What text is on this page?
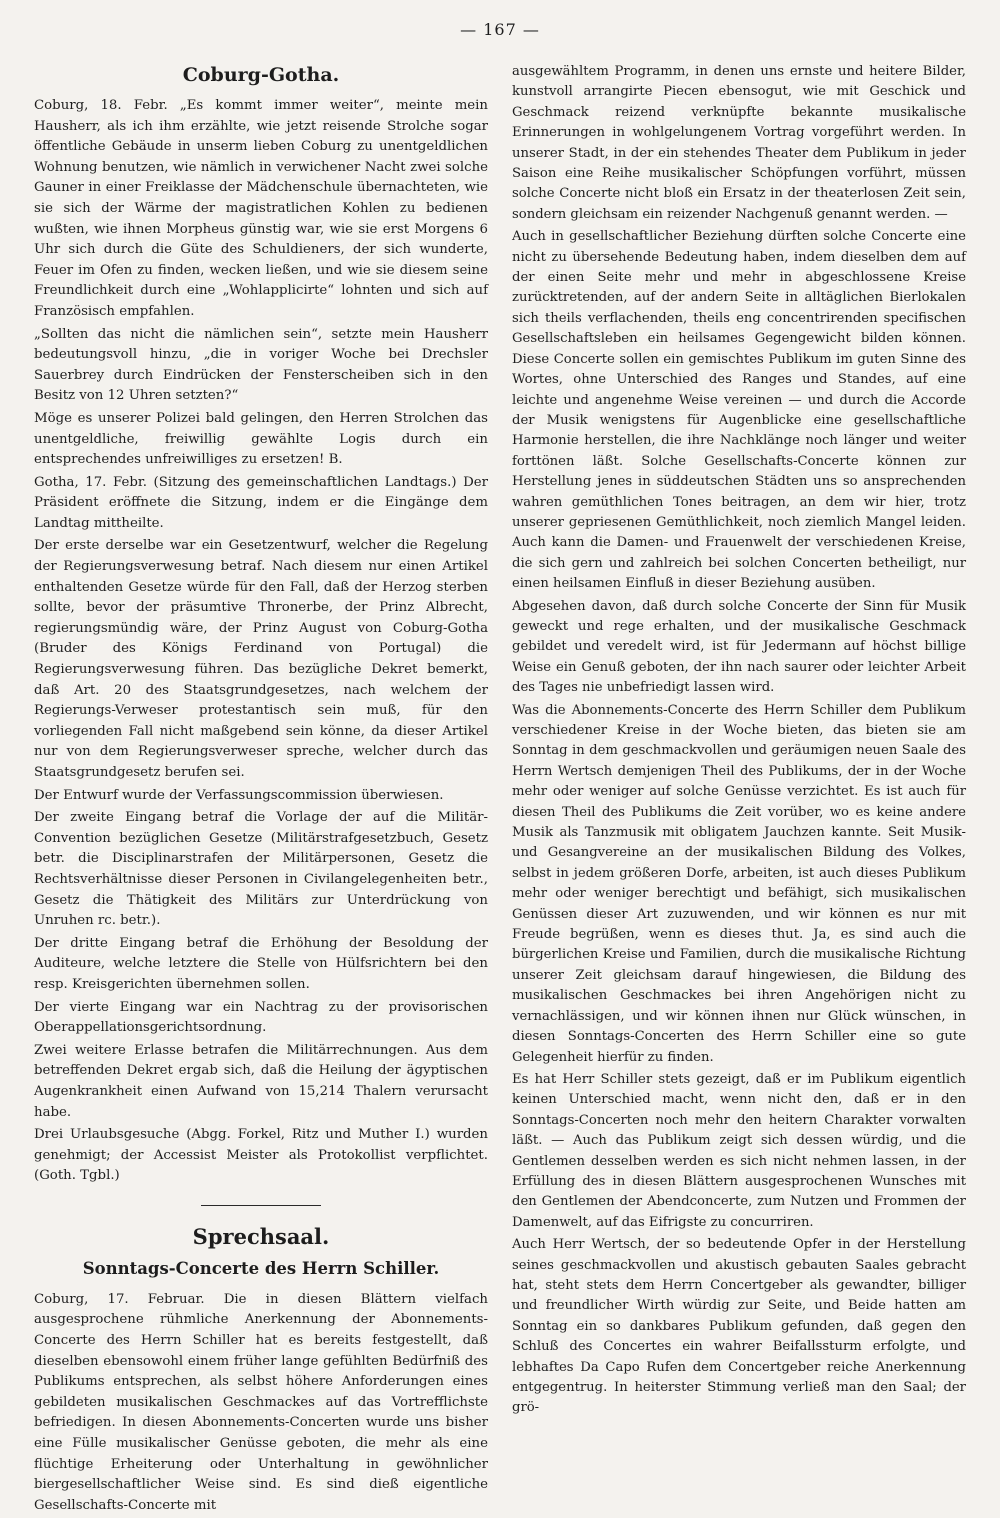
— 167 —
Coburg-Gotha.

Coburg, 18. Febr. „Es kommt immer weiter“, meinte mein Hausherr, als ich ihm erzählte, wie jetzt reisende Strolche sogar öffentliche Gebäude in unserm lieben Coburg zu unentgeldlichen Wohnung benutzen, wie nämlich in verwichener Nacht zwei solche Gauner in einer Freiklasse der Mädchenschule übernachteten, wie sie sich der Wärme der magistratlichen Kohlen zu bedienen wußten, wie ihnen Morpheus günstig war, wie sie erst Morgens 6 Uhr sich durch die Güte des Schuldieners, der sich wunderte, Feuer im Ofen zu finden, wecken ließen, und wie sie diesem seine Freundlichkeit durch eine „Wohlapplicirte“ lohnten und sich auf Französisch empfahlen.

„Sollten das nicht die nämlichen sein“, setzte mein Hausherr bedeutungsvoll hinzu, „die in voriger Woche bei Drechsler Sauerbrey durch Eindrücken der Fensterscheiben sich in den Besitz von 12 Uhren setzten?“

Möge es unserer Polizei bald gelingen, den Herren Strolchen das unentgeldliche, freiwillig gewählte Logis durch ein entsprechendes unfreiwilliges zu ersetzen! B.

Gotha, 17. Febr. (Sitzung des gemeinschaftlichen Landtags.) Der Präsident eröffnete die Sitzung, indem er die Eingänge dem Landtag mittheilte.

Der erste derselbe war ein Gesetzentwurf, welcher die Regelung der Regierungsverwesung betraf. Nach diesem nur einen Artikel enthaltenden Gesetze würde für den Fall, daß der Herzog sterben sollte, bevor der präsumtive Thronerbe, der Prinz Albrecht, regierungsmündig wäre, der Prinz August von Coburg-Gotha (Bruder des Königs Ferdinand von Portugal) die Regierungsverwesung führen. Das bezügliche Dekret bemerkt, daß Art. 20 des Staatsgrundgesetzes, nach welchem der Regierungs-Verweser protestantisch sein muß, für den vorliegenden Fall nicht maßgebend sein könne, da dieser Artikel nur von dem Regierungsverweser spreche, welcher durch das Staatsgrundgesetz berufen sei.

Der Entwurf wurde der Verfassungscommission überwiesen.

Der zweite Eingang betraf die Vorlage der auf die Militär-Convention bezüglichen Gesetze (Militärstrafgesetzbuch, Gesetz betr. die Disciplinarstrafen der Militärpersonen, Gesetz die Rechtsverhältnisse dieser Personen in Civilangelegenheiten betr., Gesetz die Thätigkeit des Militärs zur Unterdrückung von Unruhen rc. betr.).

Der dritte Eingang betraf die Erhöhung der Besoldung der Auditeure, welche letztere die Stelle von Hülfsrichtern bei den resp. Kreisgerichten übernehmen sollen.

Der vierte Eingang war ein Nachtrag zu der provisorischen Oberappellationsgerichtsordnung.

Zwei weitere Erlasse betrafen die Militärrechnungen. Aus dem betreffenden Dekret ergab sich, daß die Heilung der ägyptischen Augenkrankheit einen Aufwand von 15,214 Thalern verursacht habe.

Drei Urlaubsgesuche (Abgg. Forkel, Ritz und Muther I.) wurden genehmigt; der Accessist Meister als Protokollist verpflichtet. (Goth. Tgbl.)

Sprechsaal.
Sonntags-Concerte des Herrn Schiller.

Coburg, 17. Februar. Die in diesen Blättern vielfach ausgesprochene rühmliche Anerkennung der Abonnements-Concerte des Herrn Schiller hat es bereits festgestellt, daß dieselben ebensowohl einem früher lange gefühlten Bedürfniß des Publikums entsprechen, als selbst höhere Anforderungen eines gebildeten musikalischen Geschmackes auf das Vortrefflichste befriedigen. In diesen Abonnements-Concerten wurde uns bisher eine Fülle musikalischer Genüsse geboten, die mehr als eine flüchtige Erheiterung oder Unterhaltung in gewöhnlicher biergesellschaftlicher Weise sind. Es sind dieß eigentliche Gesellschafts-Concerte mit

ausgewähltem Programm, in denen uns ernste und heitere Bilder, kunstvoll arrangirte Piecen ebensogut, wie mit Geschick und Geschmack reizend verknüpfte bekannte musikalische Erinnerungen in wohlgelungenem Vortrag vorgeführt werden. In unserer Stadt, in der ein stehendes Theater dem Publikum in jeder Saison eine Reihe musikalischer Schöpfungen vorführt, müssen solche Concerte nicht bloß ein Ersatz in der theaterlosen Zeit sein, sondern gleichsam ein reizender Nachgenuß genannt werden. —

Auch in gesellschaftlicher Beziehung dürften solche Concerte eine nicht zu übersehende Bedeutung haben, indem dieselben dem auf der einen Seite mehr und mehr in abgeschlossene Kreise zurücktretenden, auf der andern Seite in alltäglichen Bierlokalen sich theils verflachenden, theils eng concentrirenden specifischen Gesellschaftsleben ein heilsames Gegengewicht bilden können. Diese Concerte sollen ein gemischtes Publikum im guten Sinne des Wortes, ohne Unterschied des Ranges und Standes, auf eine leichte und angenehme Weise vereinen — und durch die Accorde der Musik wenigstens für Augenblicke eine gesellschaftliche Harmonie herstellen, die ihre Nachklänge noch länger und weiter forttönen läßt. Solche Gesellschafts-Concerte können zur Herstellung jenes in süddeutschen Städten uns so ansprechenden wahren gemüthlichen Tones beitragen, an dem wir hier, trotz unserer gepriesenen Gemüthlichkeit, noch ziemlich Mangel leiden. Auch kann die Damen- und Frauenwelt der verschiedenen Kreise, die sich gern und zahlreich bei solchen Concerten betheiligt, nur einen heilsamen Einfluß in dieser Beziehung ausüben.

Abgesehen davon, daß durch solche Concerte der Sinn für Musik geweckt und rege erhalten, und der musikalische Geschmack gebildet und veredelt wird, ist für Jedermann auf höchst billige Weise ein Genuß geboten, der ihn nach saurer oder leichter Arbeit des Tages nie unbefriedigt lassen wird.

Was die Abonnements-Concerte des Herrn Schiller dem Publikum verschiedener Kreise in der Woche bieten, das bieten sie am Sonntag in dem geschmackvollen und geräumigen neuen Saale des Herrn Wertsch demjenigen Theil des Publikums, der in der Woche mehr oder weniger auf solche Genüsse verzichtet. Es ist auch für diesen Theil des Publikums die Zeit vorüber, wo es keine andere Musik als Tanzmusik mit obligatem Jauchzen kannte. Seit Musik- und Gesangvereine an der musikalischen Bildung des Volkes, selbst in jedem größeren Dorfe, arbeiten, ist auch dieses Publikum mehr oder weniger berechtigt und befähigt, sich musikalischen Genüssen dieser Art zuzuwenden, und wir können es nur mit Freude begrüßen, wenn es dieses thut. Ja, es sind auch die bürgerlichen Kreise und Familien, durch die musikalische Richtung unserer Zeit gleichsam darauf hingewiesen, die Bildung des musikalischen Geschmackes bei ihren Angehörigen nicht zu vernachlässigen, und wir können ihnen nur Glück wünschen, in diesen Sonntags-Concerten des Herrn Schiller eine so gute Gelegenheit hierfür zu finden.

Es hat Herr Schiller stets gezeigt, daß er im Publikum eigentlich keinen Unterschied macht, wenn nicht den, daß er in den Sonntags-Concerten noch mehr den heitern Charakter vorwalten läßt. — Auch das Publikum zeigt sich dessen würdig, und die Gentlemen desselben werden es sich nicht nehmen lassen, in der Erfüllung des in diesen Blättern ausgesprochenen Wunsches mit den Gentlemen der Abendconcerte, zum Nutzen und Frommen der Damenwelt, auf das Eifrigste zu concurriren.

Auch Herr Wertsch, der so bedeutende Opfer in der Herstellung seines geschmackvollen und akustisch gebauten Saales gebracht hat, steht stets dem Herrn Concertgeber als gewandter, billiger und freundlicher Wirth würdig zur Seite, und Beide hatten am Sonntag ein so dankbares Publikum gefunden, daß gegen den Schluß des Concertes ein wahrer Beifallssturm erfolgte, und lebhaftes Da Capo Rufen dem Concertgeber reiche Anerkennung entgegentrug. In heiterster Stimmung verließ man den Saal; der grö-
